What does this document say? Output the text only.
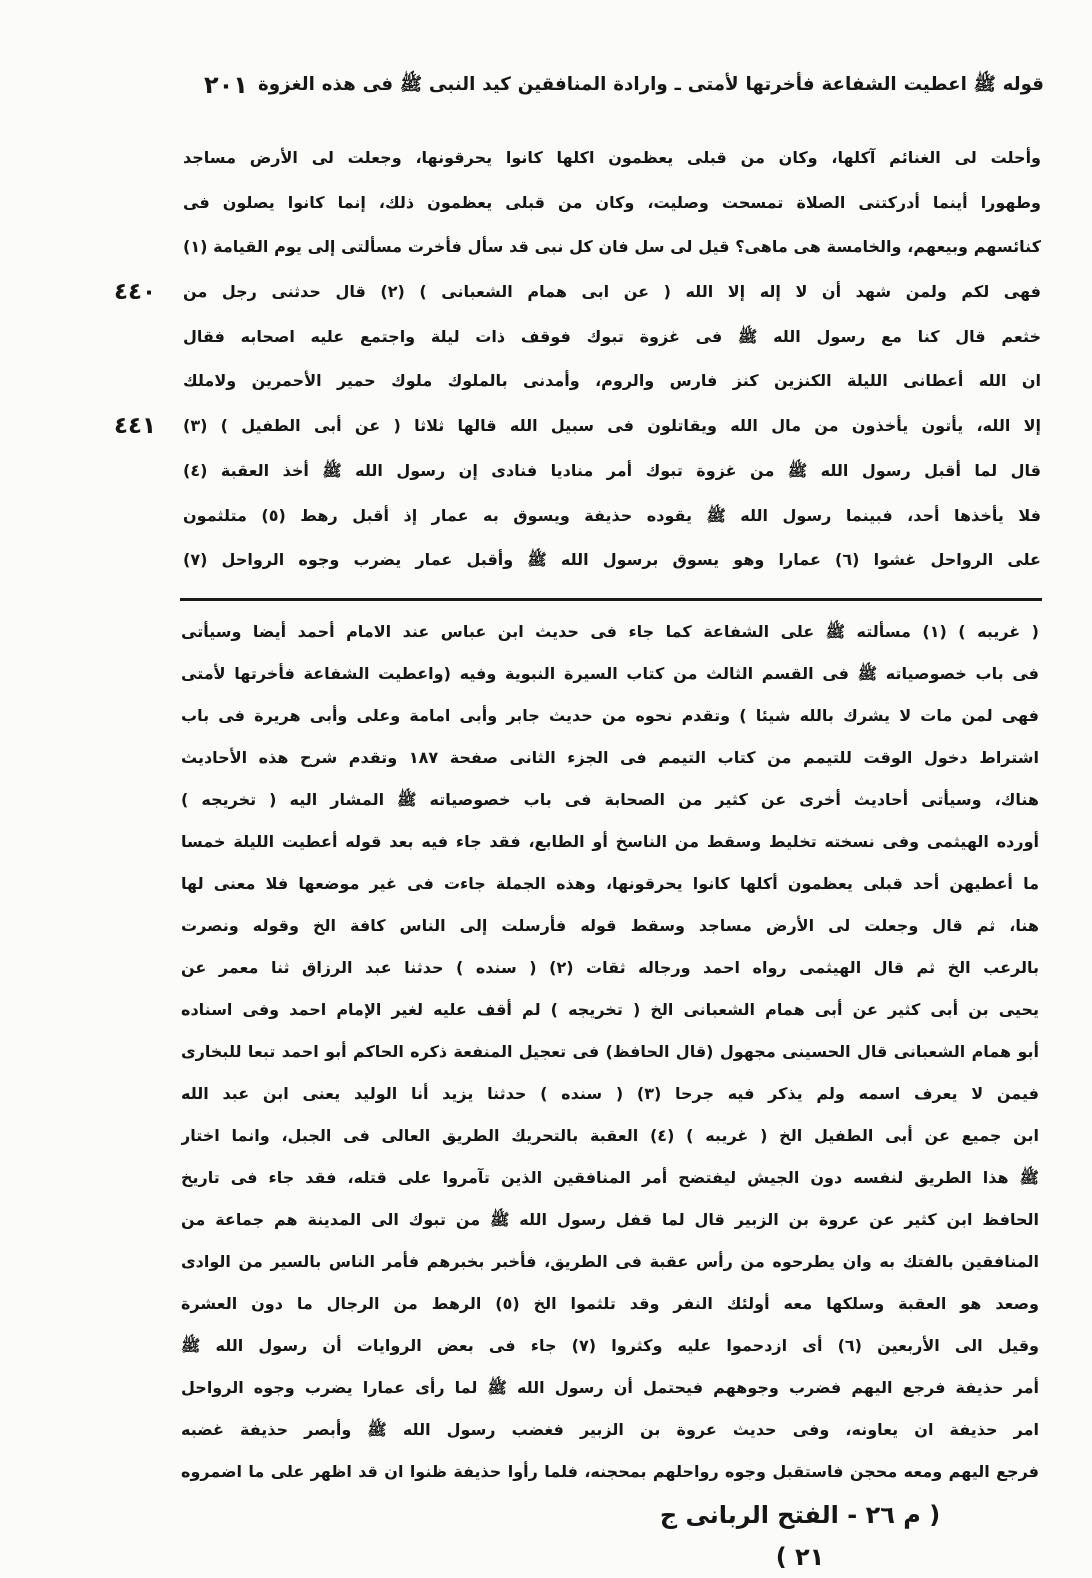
قوله ﷺ اعطيت الشفاعة فأخرتها لأمتى ـ وارادة المنافقين كيد النبى ﷺ فى هذه الغزوة
٢٠١
وأحلت لى الغنائم آكلها، وكان من قبلى يعظمون اكلها كانوا يحرقونها، وجعلت لى الأرض مساجد
وطهورا أينما أدركتنى الصلاة تمسحت وصليت، وكان من قبلى يعظمون ذلك، إنما كانوا يصلون فى
كنائسهم وبيعهم، والخامسة هى ماهى؟ قيل لى سل فان كل نبى قد سأل فأخرت مسألتى إلى يوم القيامة (١)
فهى لكم ولمن شهد أن لا إله إلا الله ( عن ابى همام الشعبانى ) (٢) قال حدثنى رجل من
خثعم قال كنا مع رسول الله ﷺ فى غزوة تبوك فوقف ذات ليلة واجتمع عليه اصحابه فقال
ان الله أعطانى الليلة الكنزين كنز فارس والروم، وأمدنى بالملوك ملوك حمير الأحمرين ولاملك
إلا الله، يأتون يأخذون من مال الله ويقاتلون فى سبيل الله قالها ثلاثا ( عن أبى الطفيل ) (٣)
قال لما أقبل رسول الله ﷺ من غزوة تبوك أمر مناديا فنادى إن رسول الله ﷺ أخذ العقبة (٤)
فلا يأخذها أحد، فبينما رسول الله ﷺ يقوده حذيفة ويسوق به عمار إذ أقبل رهط (٥) متلثمون
على الرواحل غشوا (٦) عمارا وهو يسوق برسول الله ﷺ وأقبل عمار يضرب وجوه الرواحل (٧)
٤٤٠
٤٤١
( غريبه ) (١) مسألته ﷺ على الشفاعة كما جاء فى حديث ابن عباس عند الامام أحمد أيضا وسيأتى
فى باب خصوصياته ﷺ فى القسم الثالث من كتاب السيرة النبوية وفيه (واعطيت الشفاعة فأخرتها لأمتى
فهى لمن مات لا يشرك بالله شيئا ) وتقدم نحوه من حديث جابر وأبى امامة وعلى وأبى هريرة فى باب
اشتراط دخول الوقت للتيمم من كتاب التيمم فى الجزء الثانى صفحة ١٨٧ وتقدم شرح هذه الأحاديث
هناك، وسيأتى أحاديث أخرى عن كثير من الصحابة فى باب خصوصياته ﷺ المشار اليه ( تخريجه )
أورده الهيثمى وفى نسخته تخليط وسقط من الناسخ أو الطابع، فقد جاء فيه بعد قوله أعطيت الليلة خمسا
ما أعطيهن أحد قبلى يعظمون أكلها كانوا يحرقونها، وهذه الجملة جاءت فى غير موضعها فلا معنى لها
هنا، ثم قال وجعلت لى الأرض مساجد وسقط قوله فأرسلت إلى الناس كافة الخ وقوله ونصرت
بالرعب الخ ثم قال الهيثمى رواه احمد ورجاله ثقات (٢) ( سنده ) حدثنا عبد الرزاق ثنا معمر عن
يحيى بن أبى كثير عن أبى همام الشعبانى الخ ( تخريجه ) لم أقف عليه لغير الإمام احمد وفى اسناده
أبو همام الشعبانى قال الحسينى مجهول (قال الحافظ) فى تعجيل المنفعة ذكره الحاكم أبو احمد تبعا للبخارى
فيمن لا يعرف اسمه ولم يذكر فيه جرحا (٣) ( سنده ) حدثنا يزيد أنا الوليد يعنى ابن عبد الله
ابن جميع عن أبى الطفيل الخ ( غريبه ) (٤) العقبة بالتحريك الطريق العالى فى الجبل، وانما اختار
ﷺ هذا الطريق لنفسه دون الجيش ليفتضح أمر المنافقين الذين تآمروا على قتله، فقد جاء فى تاريخ
الحافظ ابن كثير عن عروة بن الزبير قال لما قفل رسول الله ﷺ من تبوك الى المدينة هم جماعة من
المنافقين بالفتك به وان يطرحوه من رأس عقبة فى الطريق، فأخبر بخبرهم فأمر الناس بالسير من الوادى
وصعد هو العقبة وسلكها معه أولئك النفر وقد تلثموا الخ (٥) الرهط من الرجال ما دون العشرة
وقيل الى الأربعين (٦) أى ازدحموا عليه وكثروا (٧) جاء فى بعض الروايات أن رسول الله ﷺ
أمر حذيفة فرجع اليهم فضرب وجوههم فيحتمل أن رسول الله ﷺ لما رأى عمارا يضرب وجوه الرواحل
امر حذيفة ان يعاونه، وفى حديث عروة بن الزبير فغضب رسول الله ﷺ وأبصر حذيفة غضبه
فرجع اليهم ومعه محجن فاستقبل وجوه رواحلهم بمحجنه، فلما رأوا حذيفة ظنوا ان قد اظهر على ما اضمروه
( م ٢٦ - الفتح الربانى ج ٢١ )
